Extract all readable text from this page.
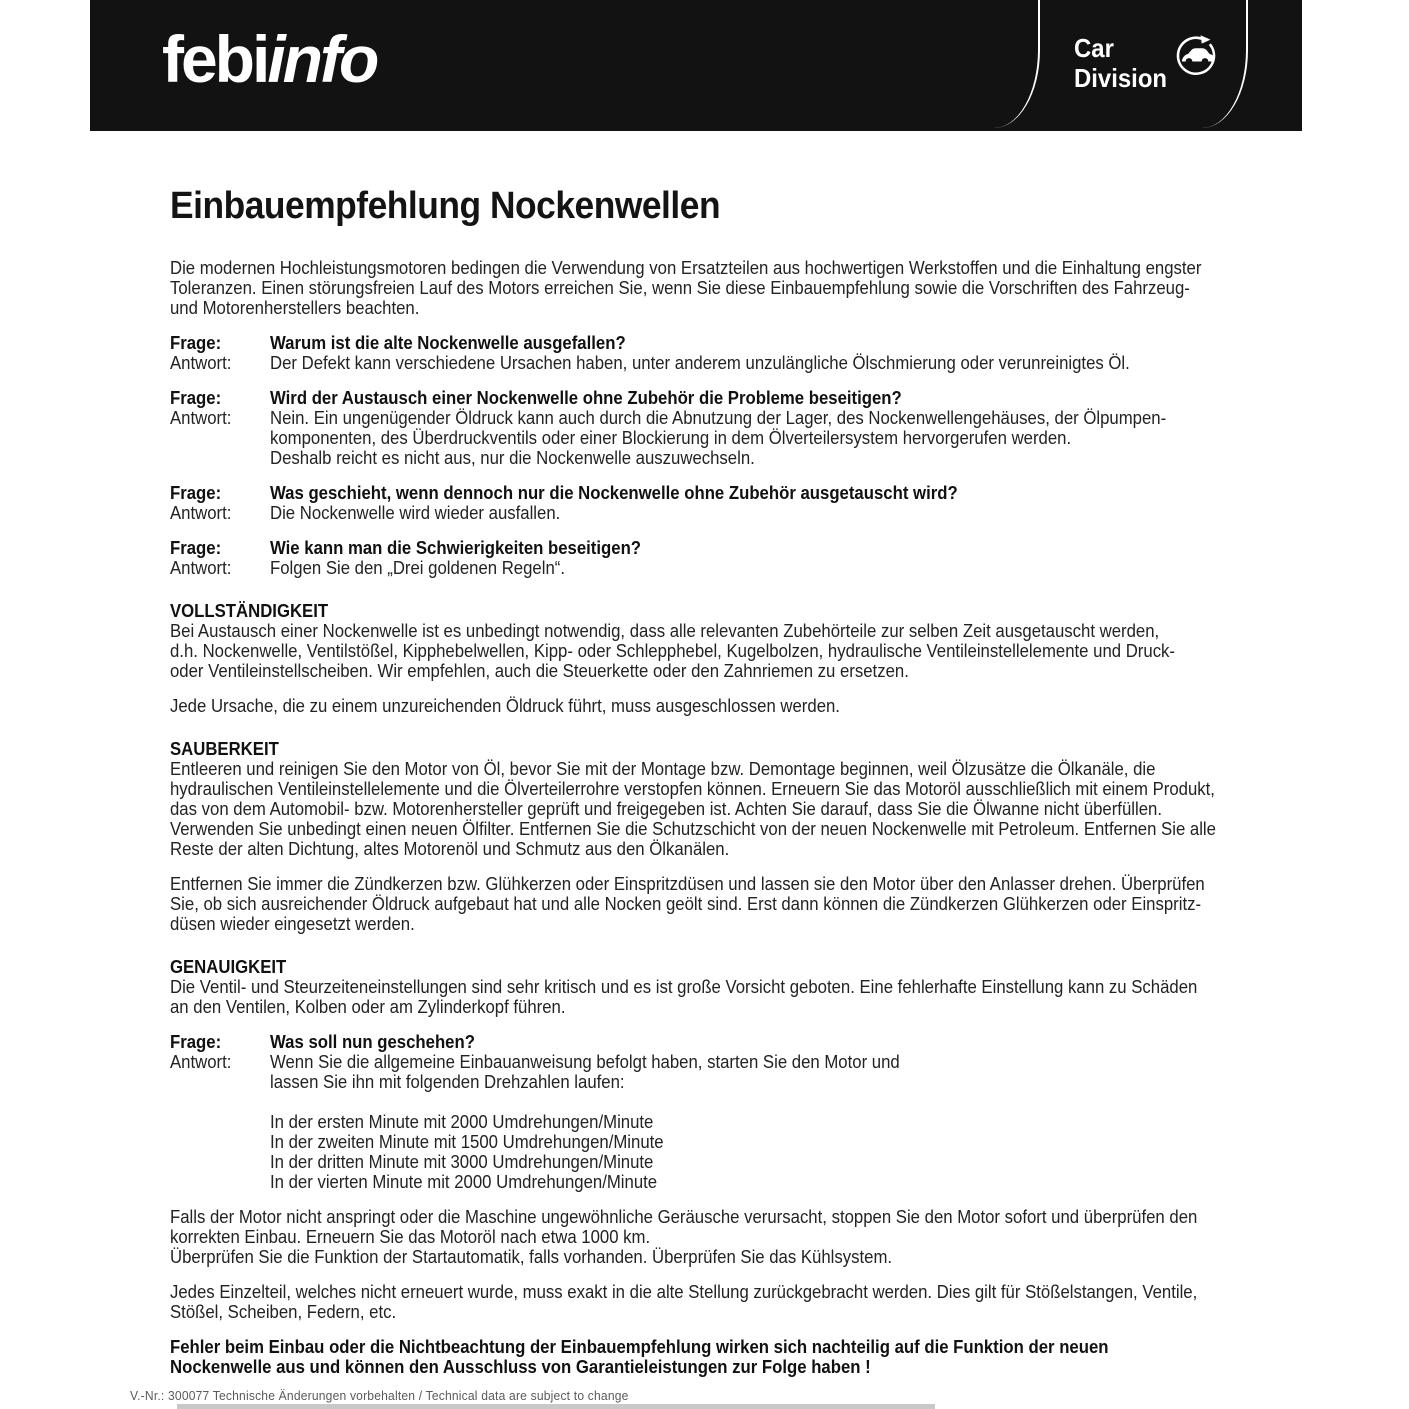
febiinfo	Car
Division
V.-Nr.: 300077 Technische Änderungen vorbehalten / Technical data are subject to change
Einbauempfehlung Nockenwellen

Die modernen Hochleistungsmotoren bedingen die Verwendung von Ersatzteilen aus hochwertigen Werkstoffen und die Einhaltung engster
Toleranzen. Einen störungsfreien Lauf des Motors erreichen Sie, wenn Sie diese Einbauempfehlung sowie die Vorschriften des Fahrzeug-
und Motorenherstellers beachten.

Frage:	Warum ist die alte Nockenwelle ausgefallen?
Antwort: Der Defekt kann verschiedene Ursachen haben, unter anderem unzulängliche Ölschmierung oder verunreinigtes Öl.
Frage:	Wird der Austausch einer Nockenwelle ohne Zubehör die Probleme beseitigen?
Antwort: Nein. Ein ungenügender Öldruck kann auch durch die Abnutzung der Lager, des Nockenwellengehäuses, der Ölpumpen-
komponenten, des Überdruckventils oder einer Blockierung in dem Ölverteilersystem hervorgerufen werden.
Deshalb reicht es nicht aus, nur die Nockenwelle auszuwechseln.
Frage:	Was geschieht, wenn dennoch nur die Nockenwelle ohne Zubehör ausgetauscht wird?
Antwort: Die Nockenwelle wird wieder ausfallen.
Frage:	Wie kann man die Schwierigkeiten beseitigen?
Antwort: Folgen Sie den „Drei goldenen Regeln“.
VOLLSTÄNDIGKEIT

Bei Austausch einer Nockenwelle ist es unbedingt notwendig, dass alle relevanten Zubehörteile zur selben Zeit ausgetauscht werden,
d.h. Nockenwelle, Ventilstößel, Kipphebelwellen, Kipp- oder Schlepphebel, Kugelbolzen, hydraulische Ventileinstellelemente und Druck-
oder Ventileinstellscheiben. Wir empfehlen, auch die Steuerkette oder den Zahnriemen zu ersetzen.

Jede Ursache, die zu einem unzureichenden Öldruck führt, muss ausgeschlossen werden.

SAUBERKEIT

Entleeren und reinigen Sie den Motor von Öl, bevor Sie mit der Montage bzw. Demontage beginnen, weil Ölzusätze die Ölkanäle, die
hydraulischen Ventileinstellelemente und die Ölverteilerrohre verstopfen können. Erneuern Sie das Motoröl ausschließlich mit einem Produkt,
das von dem Automobil- bzw. Motorenhersteller geprüft und freigegeben ist. Achten Sie darauf, dass Sie die Ölwanne nicht überfüllen.
Verwenden Sie unbedingt einen neuen Ölfilter. Entfernen Sie die Schutzschicht von der neuen Nockenwelle mit Petroleum. Entfernen Sie alle
Reste der alten Dichtung, altes Motorenöl und Schmutz aus den Ölkanälen.

Entfernen Sie immer die Zündkerzen bzw. Glühkerzen oder Einspritzdüsen und lassen sie den Motor über den Anlasser drehen. Überprüfen
Sie, ob sich ausreichender Öldruck aufgebaut hat und alle Nocken geölt sind. Erst dann können die Zündkerzen Glühkerzen oder Einspritz-
düsen wieder eingesetzt werden.

GENAUIGKEIT

Die Ventil- und Steurzeiteneinstellungen sind sehr kritisch und es ist große Vorsicht geboten. Eine fehlerhafte Einstellung kann zu Schäden
an den Ventilen, Kolben oder am Zylinderkopf führen.

Frage:	Was soll nun geschehen?
Antwort: Wenn Sie die allgemeine Einbauanweisung befolgt haben, starten Sie den Motor und
lassen Sie ihn mit folgenden Drehzahlen laufen:

In der ersten Minute mit 2000 Umdrehungen/Minute
In der zweiten Minute mit 1500 Umdrehungen/Minute
In der dritten Minute mit 3000 Umdrehungen/Minute
In der vierten Minute mit 2000 Umdrehungen/Minute

Falls der Motor nicht anspringt oder die Maschine ungewöhnliche Geräusche verursacht, stoppen Sie den Motor sofort und überprüfen den
korrekten Einbau. Erneuern Sie das Motoröl nach etwa 1000 km.
Überprüfen Sie die Funktion der Startautomatik, falls vorhanden. Überprüfen Sie das Kühlsystem.

Jedes Einzelteil, welches nicht erneuert wurde, muss exakt in die alte Stellung zurückgebracht werden. Dies gilt für Stößelstangen, Ventile,
Stößel, Scheiben, Federn, etc.

Fehler beim Einbau oder die Nichtbeachtung der Einbauempfehlung wirken sich nachteilig auf die Funktion der neuen
Nockenwelle aus und können den Ausschluss von Garantieleistungen zur Folge haben !
